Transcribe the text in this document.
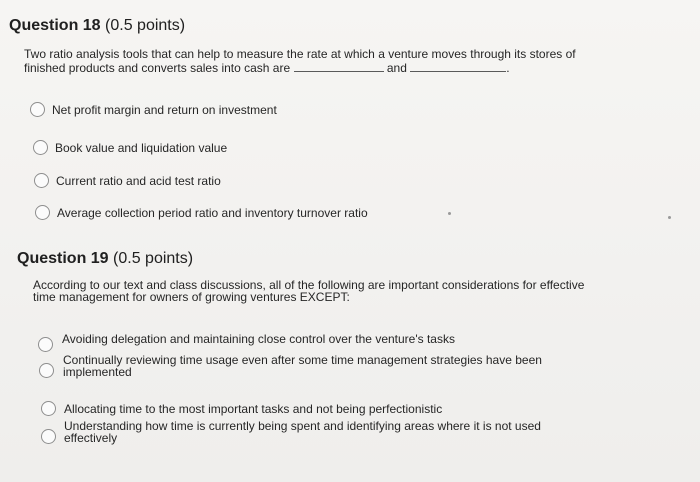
Question 18 (0.5 points)
Two ratio analysis tools that can help to measure the rate at which a venture moves through its stores of
finished products and converts sales into cash are	and	.
Net profit margin and return on investment
Book value and liquidation value
Current ratio and acid test ratio
Average collection period ratio and inventory turnover ratio
Question 19 (0.5 points)
According to our text and class discussions, all of the following are important considerations for effective
time management for owners of growing ventures EXCEPT:
Avoiding delegation and maintaining close control over the venture's tasks
Continually reviewing time usage even after some time management strategies have been
implemented
Allocating time to the most important tasks and not being perfectionistic
Understanding how time is currently being spent and identifying areas where it is not used
effectively
